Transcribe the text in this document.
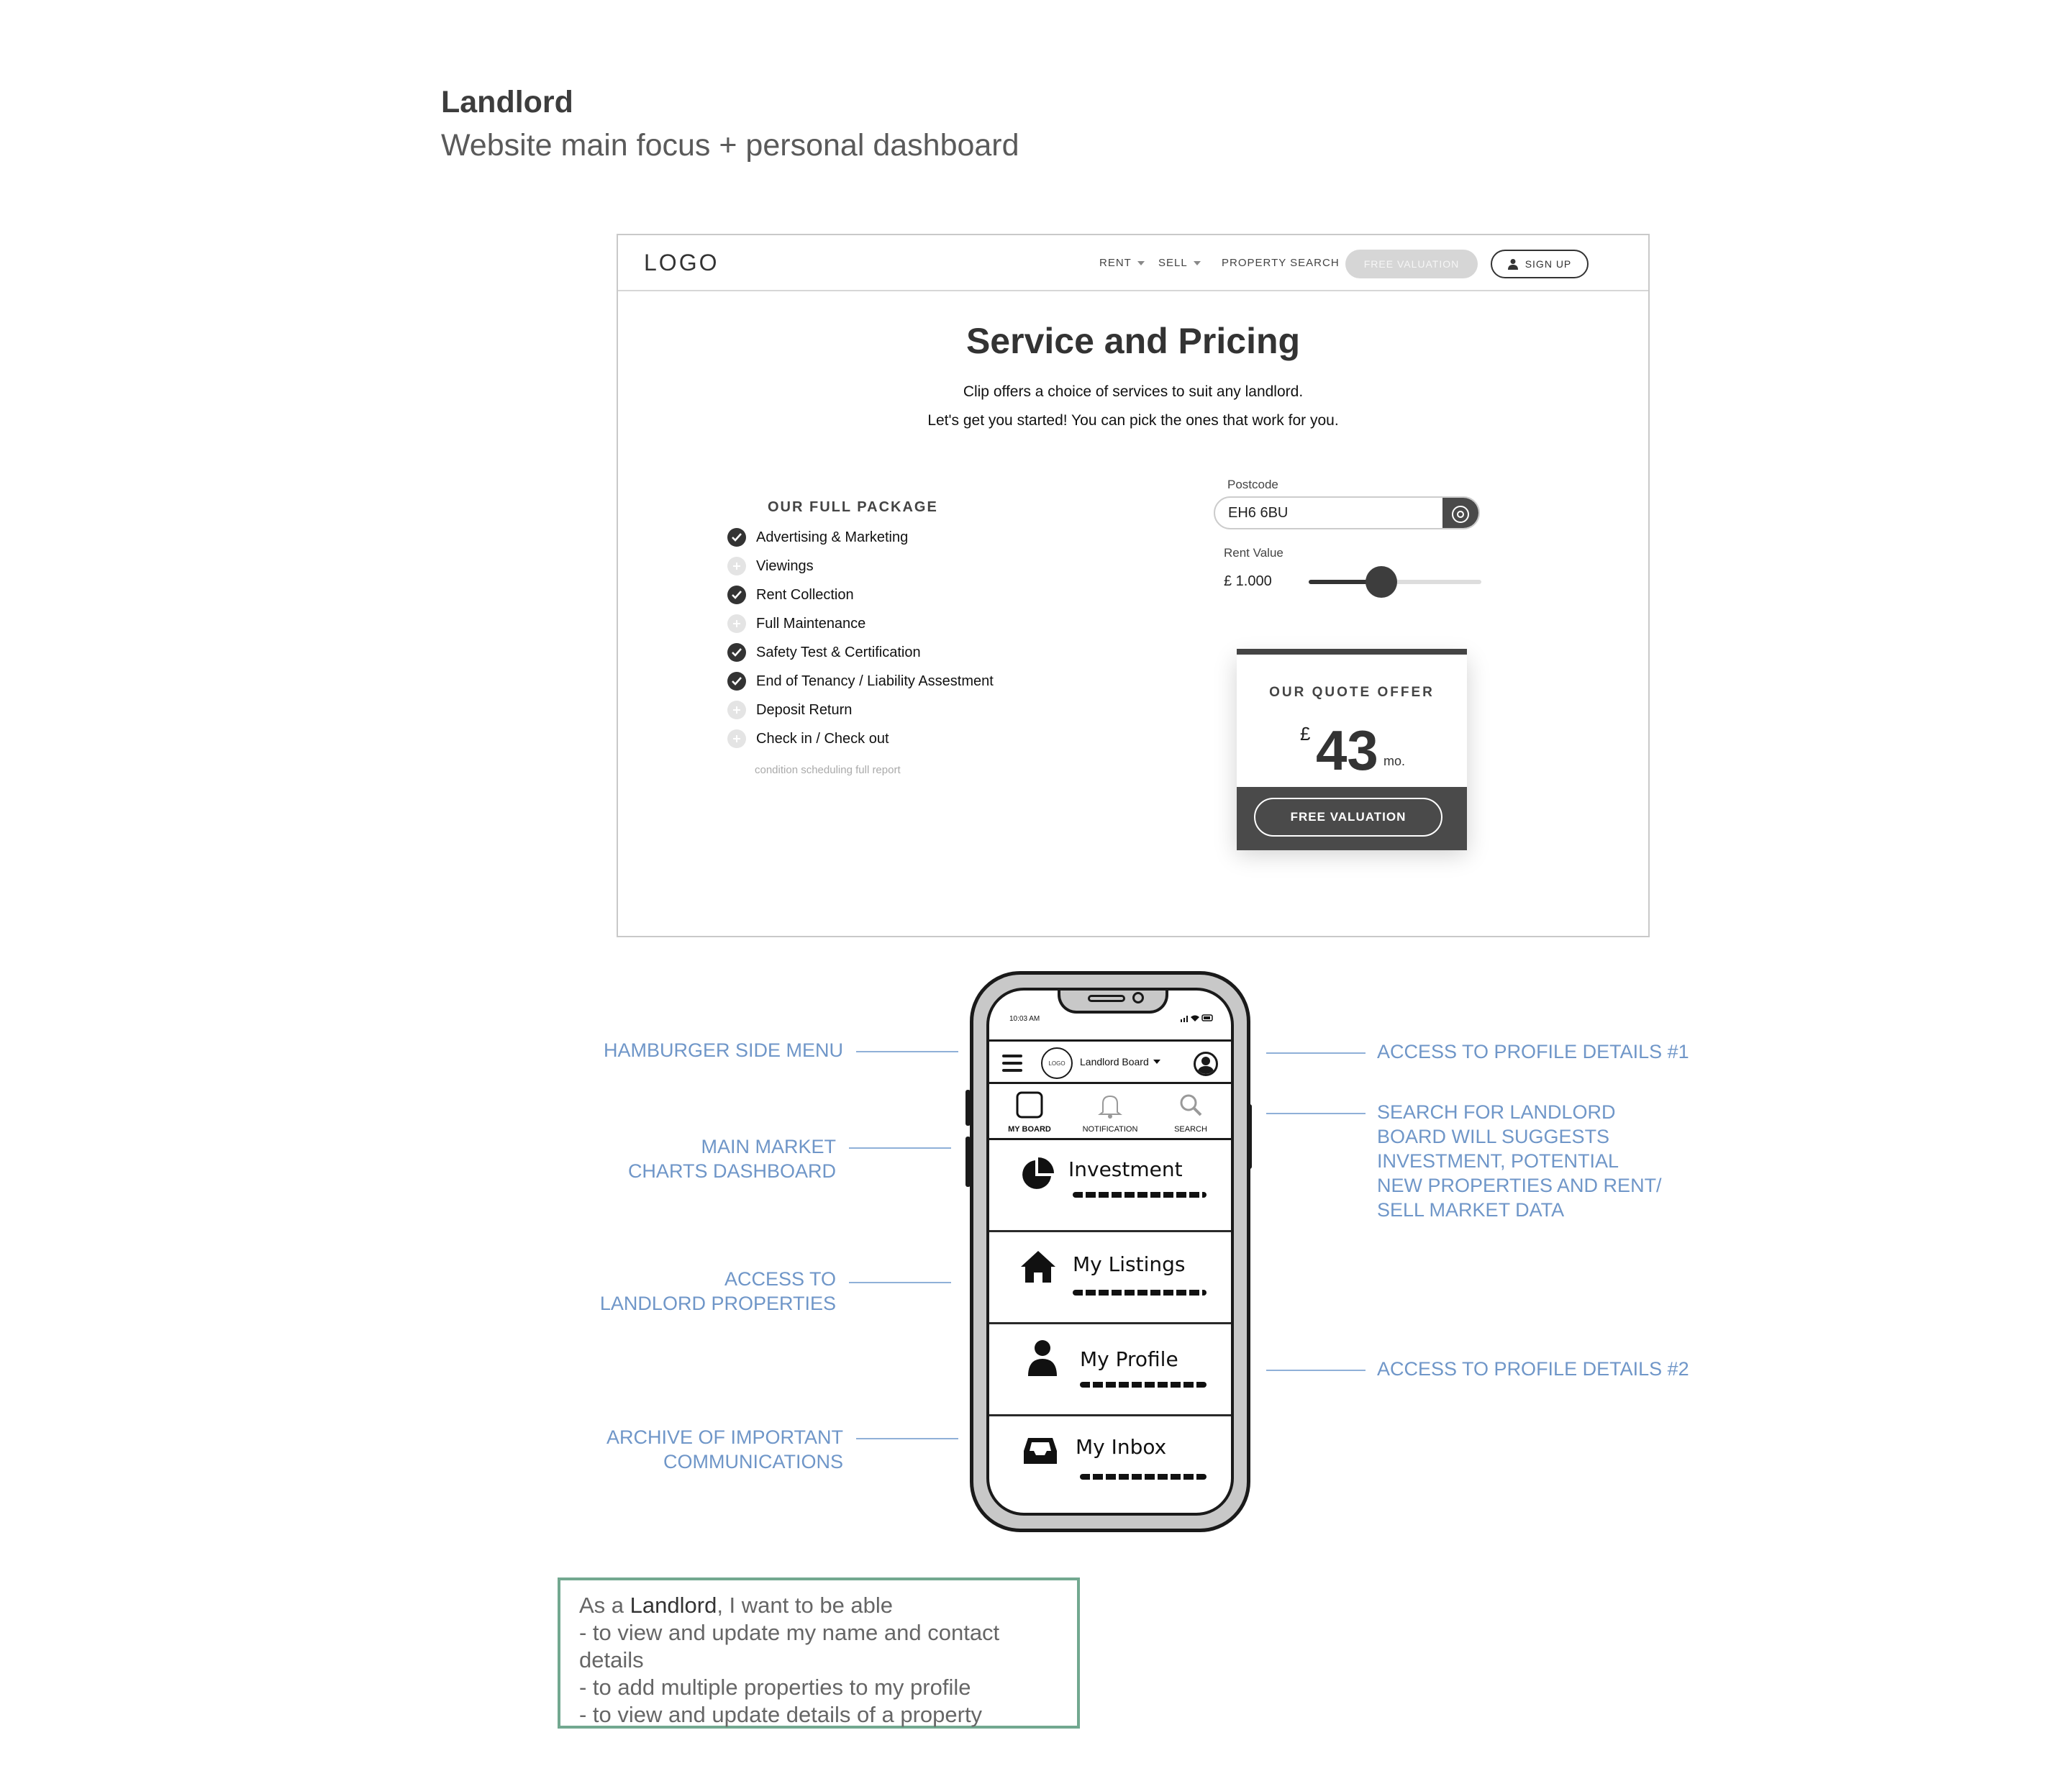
Landlord
Website main focus + personal dashboard
LOGO	RENT SELL	PROPERTY SEARCH	FREE VALUATION	SIGN UP
Service and Pricing
Clip offers a choice of services to suit any landlord.
Let's get you started! You can pick the ones that work for you.
OUR FULL PACKAGE
condition scheduling full report
Postcode
EH6 6BU
Rent Value
£ 1.000
OUR QUOTE OFFER
£ 43 mo.
FREE VALUATION
Advertising & Marketing
Viewings
Rent Collection
Full Maintenance
Safety Test & Certification
End of Tenancy / Liability Assestment
Deposit Return
Check in / Check out
10:03 AM
LOGO	Landlord Board
MY BOARD	NOTIFICATION	SEARCH
Investment
My Listings
My Profile
My Inbox
HAMBURGER SIDE MENU
MAIN MARKET
CHARTS DASHBOARD
ACCESS TO
LANDLORD PROPERTIES
ARCHIVE OF IMPORTANT
COMMUNICATIONS
ACCESS TO PROFILE DETAILS #1
SEARCH FOR LANDLORD
BOARD WILL SUGGESTS
INVESTMENT, POTENTIAL
NEW PROPERTIES AND RENT/
SELL MARKET DATA
ACCESS TO PROFILE DETAILS #2

As a Landlord, I want to be able

- to view and update my name and contact details

- to add multiple properties to my profile

- to view and update details of a property
